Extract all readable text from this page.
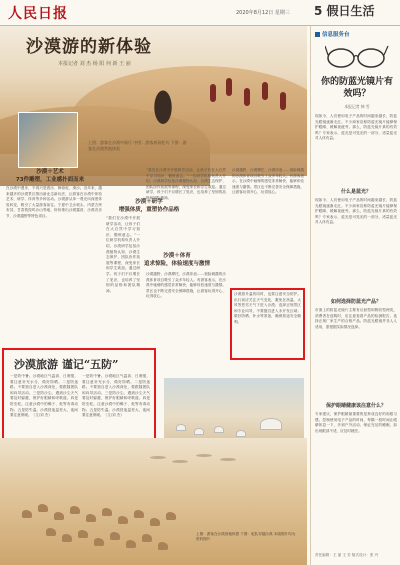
人民日报	2020年8月12日 星期三 5 假日生活
沙漠游的新体验
本报记者 刘 杰 杨 阳 何 新 王 丽
上图：游客在沙漠中骑行 中图：游客观看鸵鸟 下图：游客在沙漠营地体验
沙漠＋艺术
73件雕塑，工业感扑面而来
在沙漠中漫步，不再只是看沙、骑骆驼、滑沙。近年来，越来越多的沙漠景区推出新业态新玩法，让游客在沙漠中体验艺术、研学、体育等多种活动。沙漠游从单一观光向深度体验转变，吸引了大量游客前往。宁夏中卫沙坡头、内蒙古库布其、甘肃敦煌鸣沙山等地，纷纷推出沙漠露营、沙漠音乐节、沙漠越野等特色项目。
沙漠＋研学
增强体质，重塑协作品格
“我们在沙漠中开展研学活动，让孩子们在大自然中学习知识、锻炼意志。”一位研学机构负责人介绍，沙漠研学包括沙漠植物认知、沙漠生态保护、团队协作拓展等课程，深受家长和学生欢迎。通过研学，孩子们不仅增长了见识，也培养了坚韧的品格和团队精神。
“我们在沙漠中开展研学活动，让孩子们在大自然中学习知识、锻炼意志。”一位研学机构负责人介绍，沙漠研学包括沙漠植物认知、沙漠生态保护、团队协作拓展等课程，深受家长和学生欢迎。通过研学，孩子们不仅增长了见识，也培养了坚韧的品格和团队精神。
沙漠＋体育
追求惊险，体验速度与激情
沙漠越野、沙漠摩托、沙漠冲浪……惊险刺激的沙漠体育项目吸引了众多年轻人。有游客表示，在沙漠中驰骋的感觉非常畅快，能够体验速度与激情。景区也不断完善安全保障措施，让游客玩得开心、玩得放心。
沙漠越野、沙漠摩托、沙漠冲浪……惊险刺激的沙漠体育项目吸引了众多年轻人。有游客表示，在沙漠中驰骋的感觉非常畅快，能够体验速度与激情。景区也不断完善安全保障措施，让游客玩得开心、玩得放心。
沙漠游升温的同时，也要注意安全防护。出行前应关注天气变化，避免在高温、大风等恶劣天气下进入沙漠；选择正规景区和专业向导，不要擅自进入未开发区域；做好防晒、补水等准备，确保旅途安全顺利。
沙漠旅游 谨记“五防”
一是防中暑。沙漠地区气温高、日照强，要注意补充水分，做好防晒。二是防迷路。不要独自进入沙漠深处，要跟随团队和向导活动。三是防沙尘。遇到沙尘天气要及时躲避，保护好眼睛和呼吸道。四是防虫蛇。注意沙漠中的蝎子、蛇等有毒动物。五是防失温。沙漠昼夜温差大，夜间要注意保暖。（文/刘 杰）
一是防中暑。沙漠地区气温高、日照强，要注意补充水分，做好防晒。二是防迷路。不要独自进入沙漠深处，要跟随团队和向导活动。三是防沙尘。遇到沙尘天气要及时躲避，保护好眼睛和呼吸道。四是防虫蛇。注意沙漠中的蝎子、蛇等有毒动物。五是防失温。沙漠昼夜温差大，夜间要注意保暖。（文/刘 杰）
上图：游客在沙漠营地休憩 下图：驼队穿越沙漠 本版图片均为资料图片
信息服务台
你的防蓝光镜片有效吗？
本报记者 韩 雪
现如今，人们使用电子产品的时间越来越长，防蓝光眼镜逐渐走红。不少商家宣称防蓝光镜片能够保护眼睛、缓解视疲劳。那么，防蓝光镜片真的有效吗？专家表示，蓝光是可见光的一部分，适量蓝光对人体有益。
什么是蓝光？
现如今，人们使用电子产品的时间越来越长，防蓝光眼镜逐渐走红。不少商家宣称防蓝光镜片能够保护眼睛、缓解视疲劳。那么，防蓝光镜片真的有效吗？专家表示，蓝光是可见光的一部分，适量蓝光对人体有益。
如何选择防蓝光产品？
市面上的防蓝光镜片主要有反射型和吸收型两类。消费者在选购时，应注意查看产品的检测报告，选择正规厂家生产的合格产品。防蓝光眼镜并非人人适用，需根据实际情况选择。
保护眼睛健康该注意什么？
专家建议，保护眼睛最重要的是养成良好的用眼习惯。控制使用电子产品的时间，每隔一段时间让眼睛休息一下，多到户外活动，保证充足的睡眠。如出现眼部不适，应及时就医。
责任编辑：王 丽 王 芳 版式设计：张 丹
